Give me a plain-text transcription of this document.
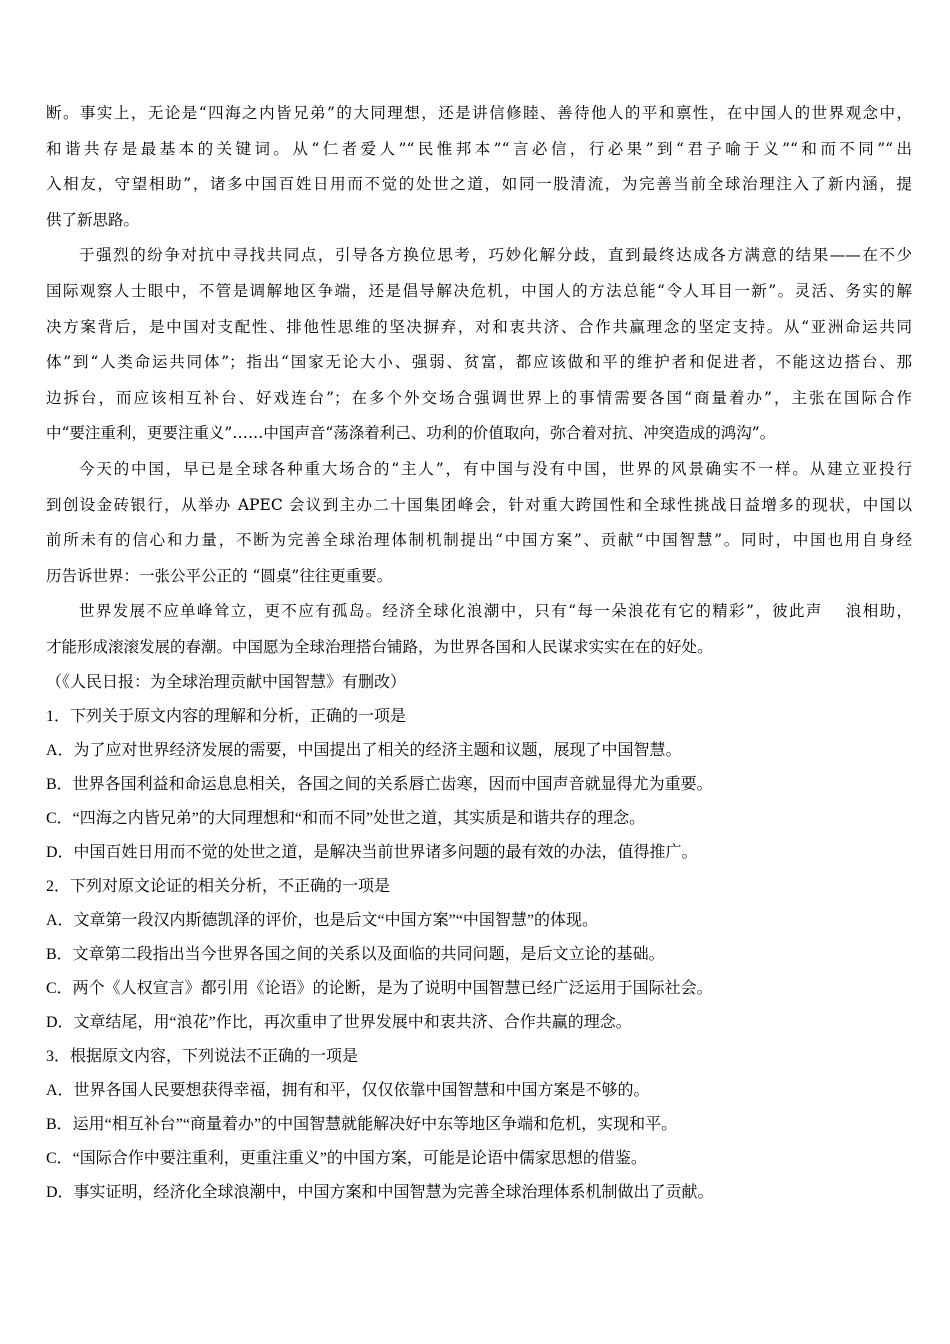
断。事实上，无论是“四海之内皆兄弟”的大同理想，还是讲信修睦、善待他人的平和禀性，在中国人的世界观念中，
和谐共存是最基本的关键词。从“仁者爱人”“民惟邦本”“言必信，行必果”到“君子喻于义”“和而不同”“出
入相友，守望相助”，诸多中国百姓日用而不觉的处世之道，如同一股清流，为完善当前全球治理注入了新内涵，提
供了新思路。
于强烈的纷争对抗中寻找共同点，引导各方换位思考，巧妙化解分歧，直到最终达成各方满意的结果——在不少
国际观察人士眼中，不管是调解地区争端，还是倡导解决危机，中国人的方法总能“令人耳目一新”。灵活、务实的解
决方案背后，是中国对支配性、排他性思维的坚决摒弃，对和衷共济、合作共赢理念的坚定支持。从“亚洲命运共同
体”到“人类命运共同体”；指出“国家无论大小、强弱、贫富，都应该做和平的维护者和促进者，不能这边搭台、那
边拆台，而应该相互补台、好戏连台”；在多个外交场合强调世界上的事情需要各国“商量着办”，主张在国际合作
中“要注重利，更要注重义”……中国声音“荡涤着利己、功利的价值取向，弥合着对抗、冲突造成的鸿沟”。
今天的中国，早已是全球各种重大场合的“主人”，有中国与没有中国，世界的风景确实不一样。从建立亚投行
到创设金砖银行，从举办 APEC 会议到主办二十国集团峰会，针对重大跨国性和全球性挑战日益增多的现状，中国以
前所未有的信心和力量，不断为完善全球治理体制机制提出“中国方案”、贡献“中国智慧”。同时，中国也用自身经
历告诉世界：一张公平公正的 “圆桌”往往更重要。
世界发展不应单峰耸立，更不应有孤岛。经济全球化浪潮中，只有“每一朵浪花有它的精彩”，彼此声　 浪相助，
才能形成滚滚发展的春潮。中国愿为全球治理搭台铺路，为世界各国和人民谋求实实在在的好处。
（《人民日报：为全球治理贡献中国智慧》有删改）
1．下列关于原文内容的理解和分析，正确的一项是
A．为了应对世界经济发展的需要，中国提出了相关的经济主题和议题，展现了中国智慧。
B．世界各国利益和命运息息相关，各国之间的关系唇亡齿寒，因而中国声音就显得尤为重要。
C．“四海之内皆兄弟”的大同理想和“和而不同”处世之道，其实质是和谐共存的理念。
D．中国百姓日用而不觉的处世之道，是解决当前世界诸多问题的最有效的办法，值得推广。
2．下列对原文论证的相关分析，不正确的一项是
A．文章第一段汉内斯德凯泽的评价，也是后文“中国方案”“中国智慧”的体现。
B．文章第二段指出当今世界各国之间的关系以及面临的共同问题，是后文立论的基础。
C．两个《人权宣言》都引用《论语》的论断，是为了说明中国智慧已经广泛运用于国际社会。
D．文章结尾，用“浪花”作比，再次重申了世界发展中和衷共济、合作共赢的理念。
3．根据原文内容，下列说法不正确的一项是
A．世界各国人民要想获得幸福，拥有和平，仅仅依靠中国智慧和中国方案是不够的。
B．运用“相互补台”“商量着办”的中国智慧就能解决好中东等地区争端和危机，实现和平。
C．“国际合作中要注重利，更重注重义”的中国方案，可能是论语中儒家思想的借鉴。
D．事实证明，经济化全球浪潮中，中国方案和中国智慧为完善全球治理体系机制做出了贡献。
